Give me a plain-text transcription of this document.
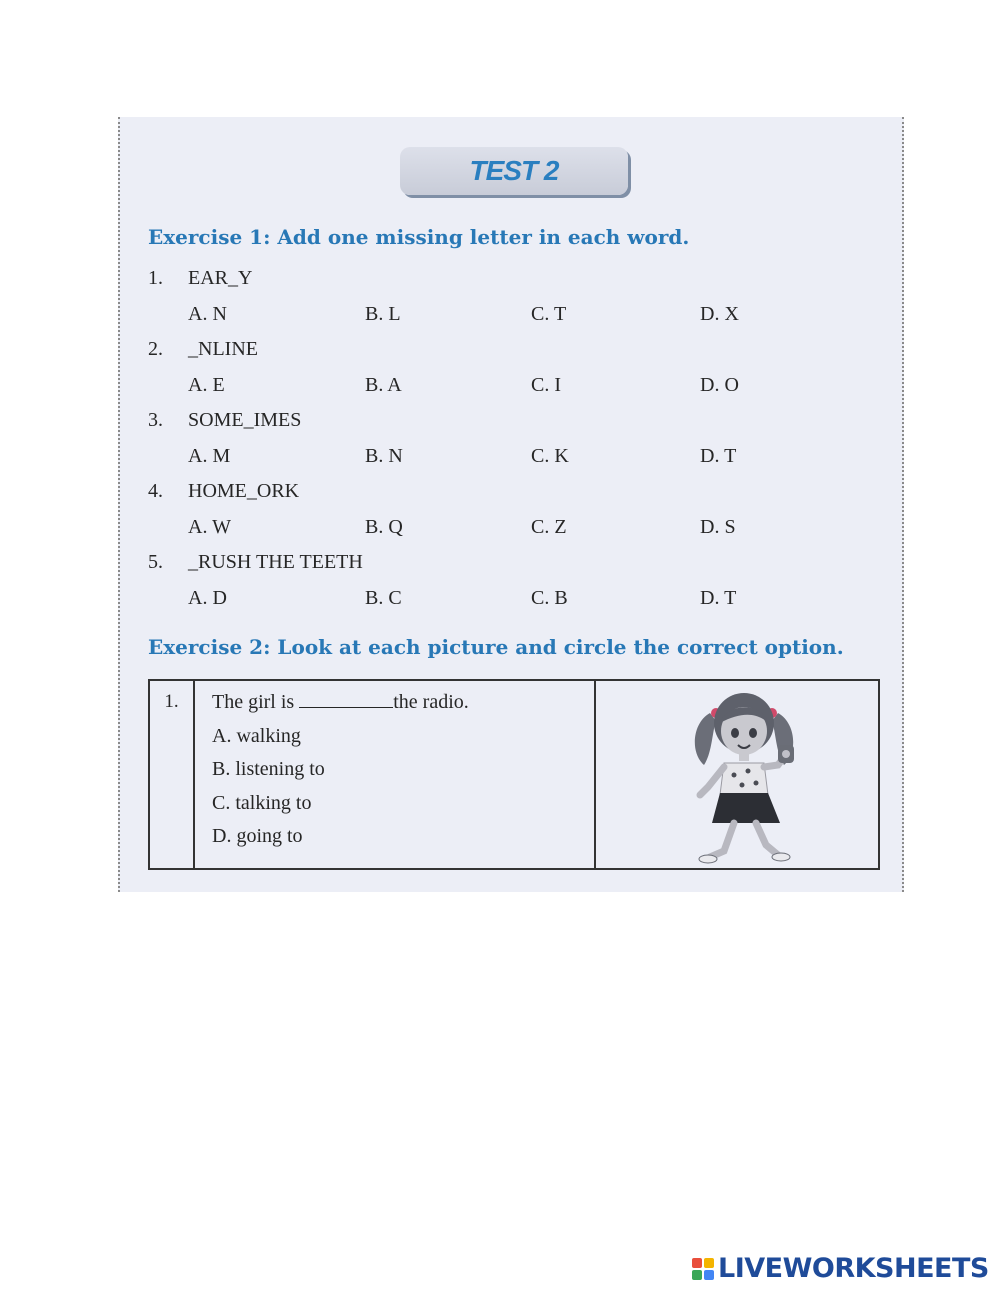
TEST 2
Exercise 1: Add one missing letter in each word.
1. EAR_Y
A. N	B. L	C. T	D. X
2. _NLINE
A. E	B. A	C. I	D. O
3. SOME_IMES
A. M	B. N	C. K	D. T
4. HOME_ORK
A. W	B. Q	C. Z	D. S
5. _RUSH THE TEETH
A. D	B. C	C. B	D. T
Exercise 2: Look at each picture and circle the correct option.
1.	The girl is	the radio.
A. walking
B. listening to
C. talking to
D. going to
LIVEWORKSHEETS
